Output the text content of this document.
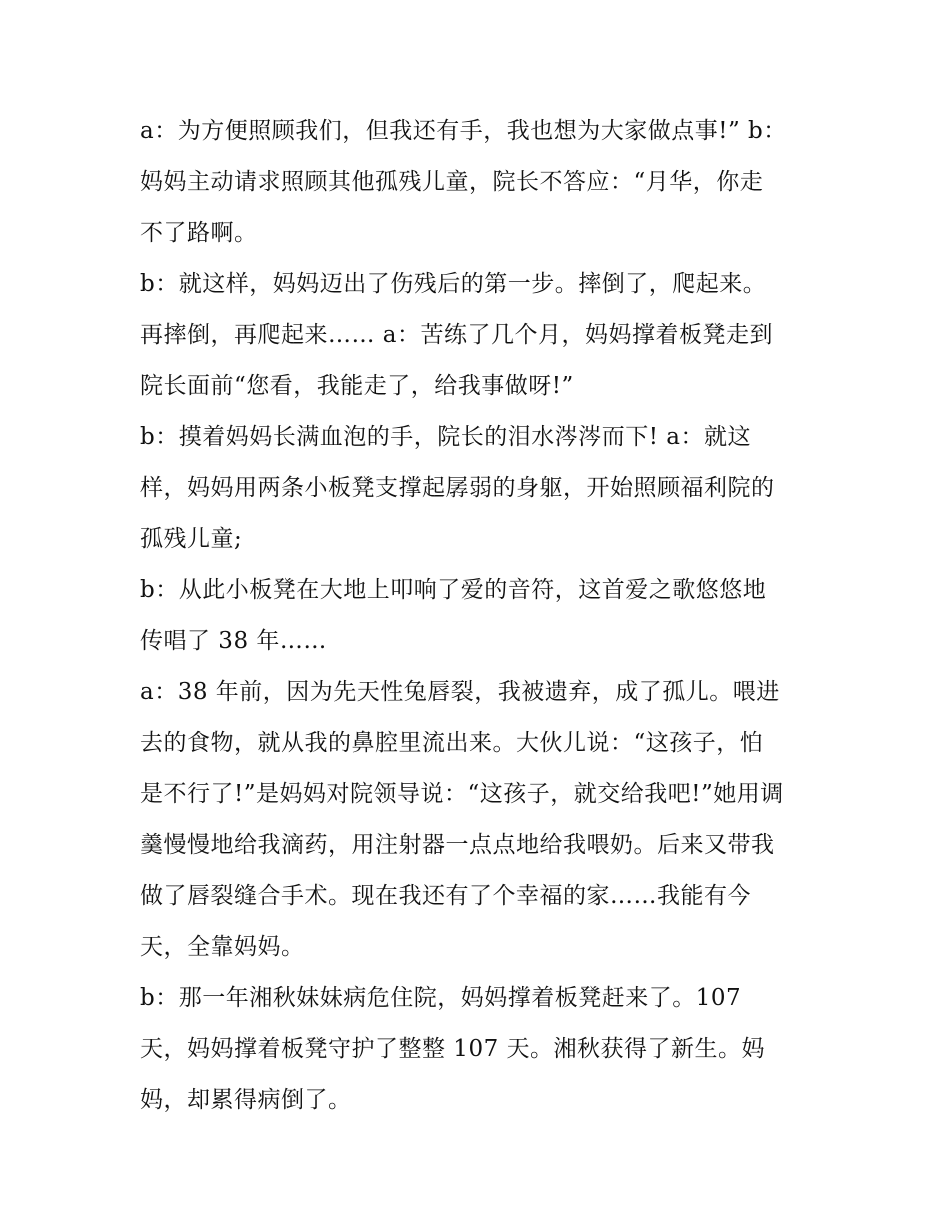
a：为方便照顾我们，但我还有手，我也想为大家做点事!” b：
妈妈主动请求照顾其他孤残儿童，院长不答应：“月华，你走
不了路啊。
b：就这样，妈妈迈出了伤残后的第一步。摔倒了，爬起来。
再摔倒，再爬起来…… a：苦练了几个月，妈妈撑着板凳走到
院长面前“您看，我能走了，给我事做呀!”
b：摸着妈妈长满血泡的手，院长的泪水涔涔而下! a：就这
样，妈妈用两条小板凳支撑起孱弱的身躯，开始照顾福利院的
孤残儿童;
b：从此小板凳在大地上叩响了爱的音符，这首爱之歌悠悠地
传唱了 38 年……
a：38 年前，因为先天性兔唇裂，我被遗弃，成了孤儿。喂进
去的食物，就从我的鼻腔里流出来。大伙儿说：“这孩子，怕
是不行了!”是妈妈对院领导说：“这孩子，就交给我吧!”她用调
羹慢慢地给我滴药，用注射器一点点地给我喂奶。后来又带我
做了唇裂缝合手术。现在我还有了个幸福的家……我能有今
天，全靠妈妈。
b：那一年湘秋妹妹病危住院，妈妈撑着板凳赶来了。107
天，妈妈撑着板凳守护了整整 107 天。湘秋获得了新生。妈
妈，却累得病倒了。
